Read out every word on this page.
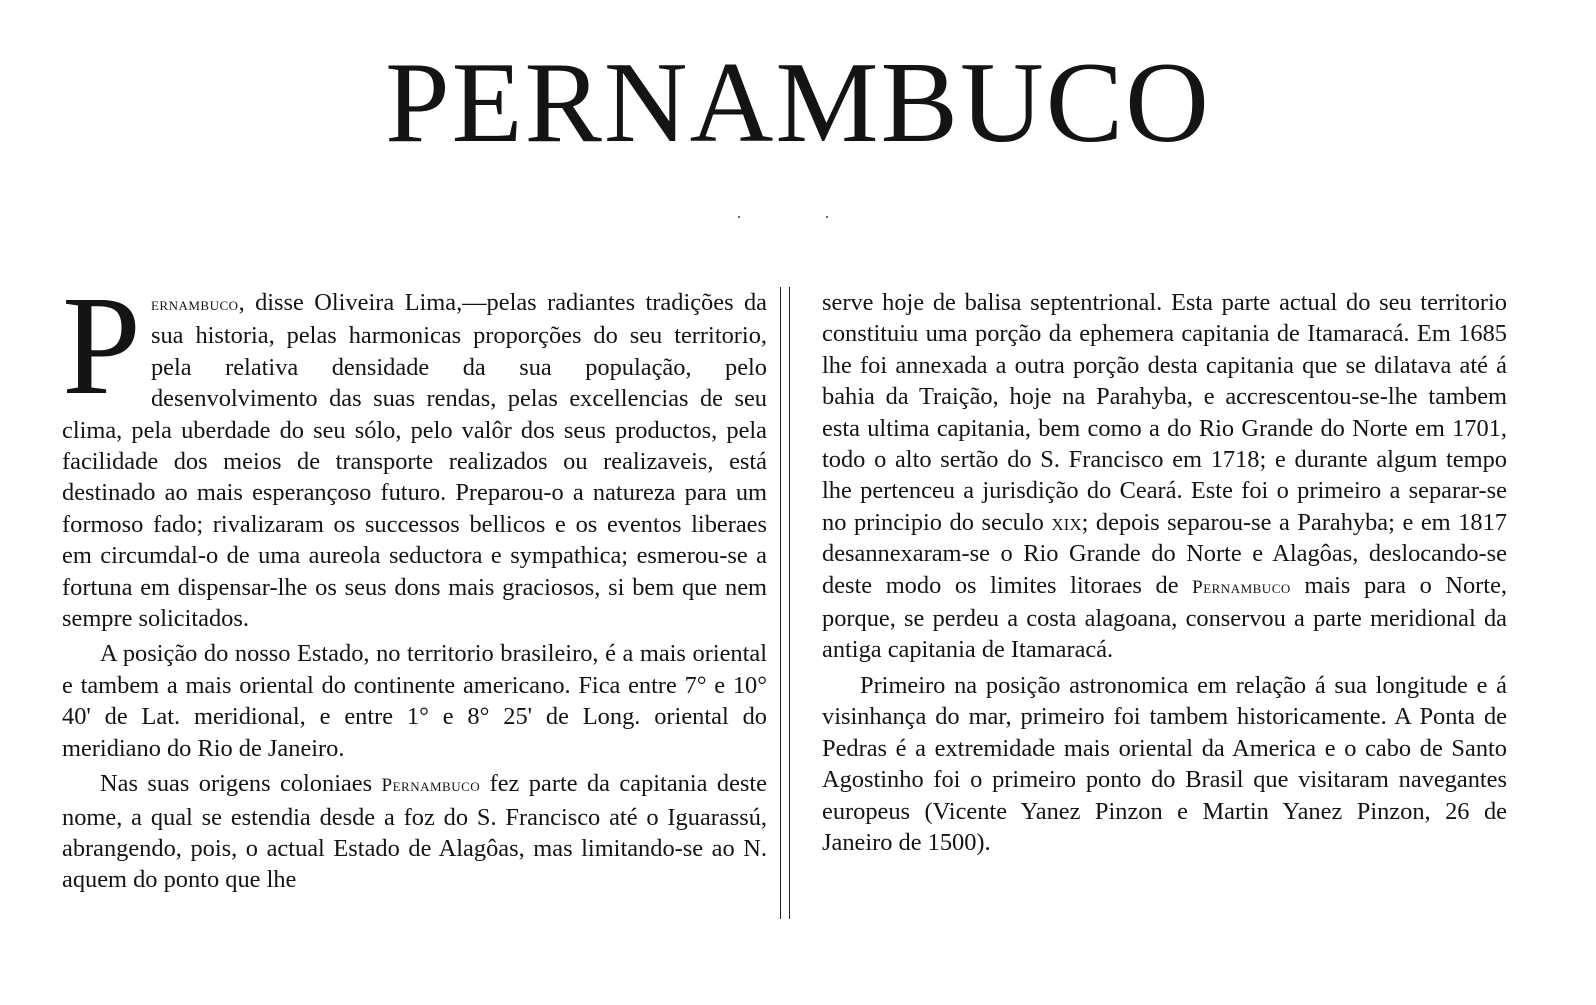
PERNAMBUCO

Pernambuco, disse Oliveira Lima,—pelas radiantes tradições da sua historia, pelas harmonicas proporções do seu territorio, pela relativa densidade da sua população, pelo desenvolvimento das suas rendas, pelas excellencias de seu clima, pela uberdade do seu sólo, pelo valôr dos seus productos, pela facilidade dos meios de transporte realizados ou realizaveis, está destinado ao mais esperançoso futuro. Preparou-o a natureza para um formoso fado; rivalizaram os successos bellicos e os eventos liberaes em circumdal-o de uma aureola seductora e sympathica; esmerou-se a fortuna em dispensar-lhe os seus dons mais graciosos, si bem que nem sempre solicitados.

A posição do nosso Estado, no territorio brasileiro, é a mais oriental e tambem a mais oriental do continente americano. Fica entre 7° e 10° 40' de Lat. meridional, e entre 1° e 8° 25' de Long. oriental do meridiano do Rio de Janeiro.

Nas suas origens coloniaes Pernambuco fez parte da capitania deste nome, a qual se estendia desde a foz do S. Francisco até o Iguarassú, abrangendo, pois, o actual Estado de Alagôas, mas limitando-se ao N. aquem do ponto que lhe

serve hoje de balisa septentrional. Esta parte actual do seu territorio constituiu uma porção da ephemera capitania de Itamaracá. Em 1685 lhe foi annexada a outra porção desta capitania que se dilatava até á bahia da Traição, hoje na Parahyba, e accrescentou-se-lhe tambem esta ultima capitania, bem como a do Rio Grande do Norte em 1701, todo o alto sertão do S. Francisco em 1718; e durante algum tempo lhe pertenceu a jurisdição do Ceará. Este foi o primeiro a separar-se no principio do seculo xix; depois separou-se a Parahyba; e em 1817 desannexaram-se o Rio Grande do Norte e Alagôas, deslocando-se deste modo os limites litoraes de Pernambuco mais para o Norte, porque, se perdeu a costa alagoana, conservou a parte meridional da antiga capitania de Itamaracá.

Primeiro na posição astronomica em relação á sua longitude e á visinhança do mar, primeiro foi tambem historicamente. A Ponta de Pedras é a extremidade mais oriental da America e o cabo de Santo Agostinho foi o primeiro ponto do Brasil que visitaram navegantes europeus (Vicente Yanez Pinzon e Martin Yanez Pinzon, 26 de Janeiro de 1500).
